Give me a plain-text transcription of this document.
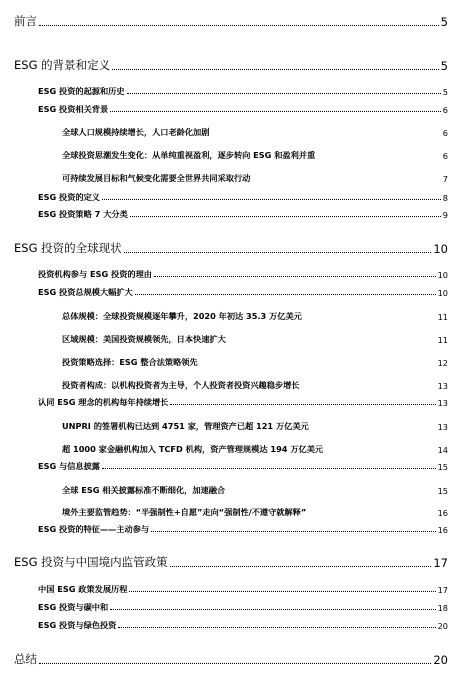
前言	5
ESG 的背景和定义	5
ESG 投资的起源和历史	5
ESG 投资相关背景	6
全球人口规模持续增长，人口老龄化加剧	6
全球投资思潮发生变化：从单纯重视盈利，逐步转向 ESG 和盈利并重	6
可持续发展目标和气候变化需要全世界共同采取行动	7
ESG 投资的定义	8
ESG 投资策略 7 大分类	9
ESG 投资的全球现状	10
投资机构参与 ESG 投资的理由	10
ESG 投资总规模大幅扩大	10
总体规模：全球投资规模逐年攀升，2020 年初达 35.3 万亿美元	11
区域规模：美国投资规模领先，日本快速扩大	11
投资策略选择：ESG 整合法策略领先	12
投资者构成：以机构投资者为主导，个人投资者投资兴趣稳步增长	13
认同 ESG 理念的机构每年持续增长	13
UNPRI 的签署机构已达到 4751 家，管理资产已超 121 万亿美元	13
超 1000 家金融机构加入 TCFD 机构，资产管理规模达 194 万亿美元	14
ESG 与信息披露	15
全球 ESG 相关披露标准不断细化，加速融合	15
境外主要监管趋势：“半强制性+自愿”走向“强制性/不遵守就解释”	16
ESG 投资的特征——主动参与	16
ESG 投资与中国境内监管政策	17
中国 ESG 政策发展历程	17
ESG 投资与碳中和	18
ESG 投资与绿色投资	20
总结	20
